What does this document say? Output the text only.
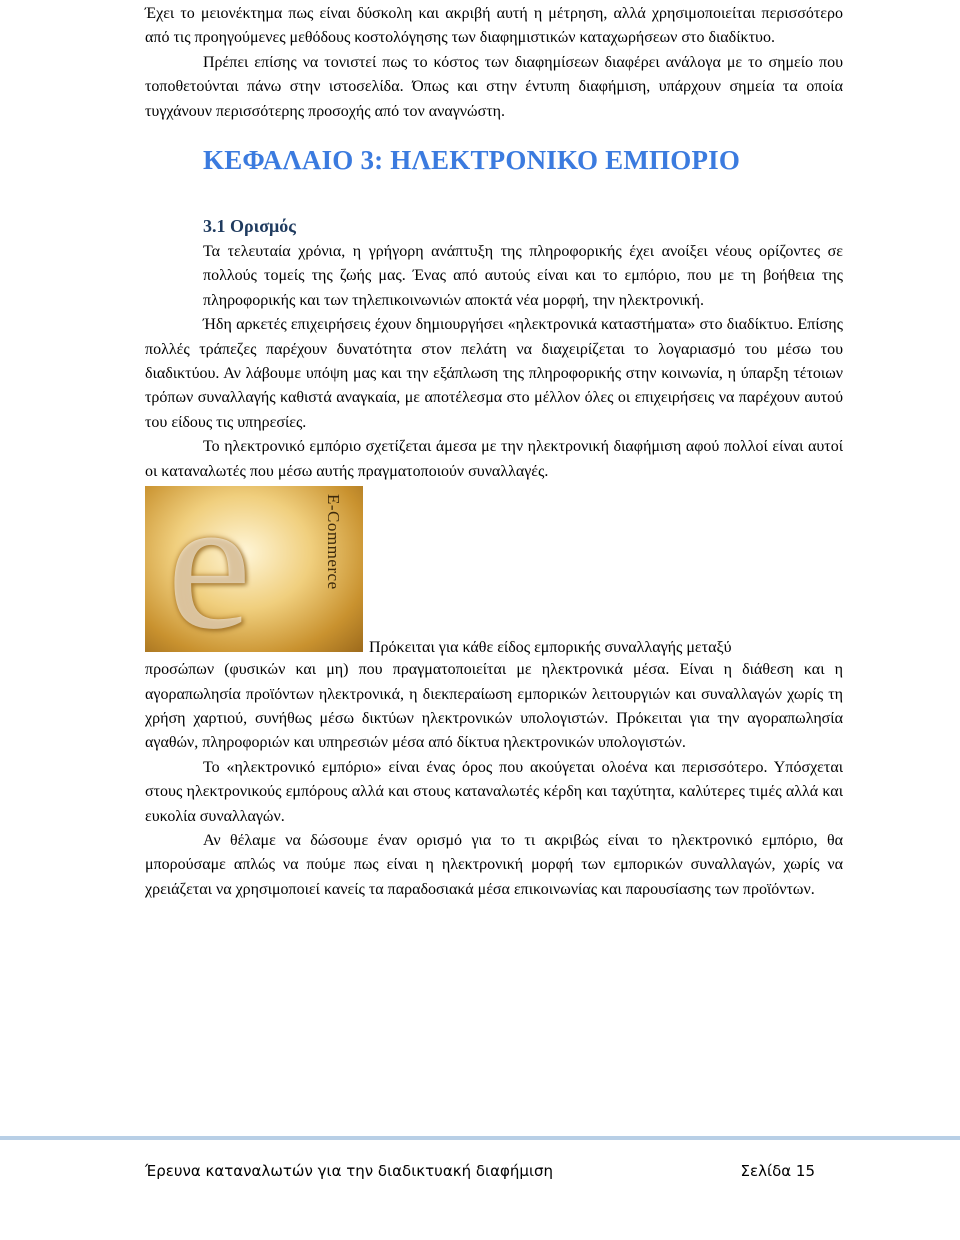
Έχει το μειονέκτημα πως είναι δύσκολη και ακριβή αυτή η μέτρηση, αλλά χρησιμοποιείται περισσότερο από τις προηγούμενες μεθόδους κοστολόγησης των διαφημιστικών καταχωρήσεων στο διαδίκτυο.

Πρέπει επίσης να τονιστεί πως το κόστος των διαφημίσεων διαφέρει ανάλογα με το σημείο που τοποθετούνται πάνω στην ιστοσελίδα. Όπως και στην έντυπη διαφήμιση, υπάρχουν σημεία τα οποία τυγχάνουν περισσότερης προσοχής από τον αναγνώστη.

ΚΕΦΑΛΑΙΟ 3: ΗΛΕΚΤΡΟΝΙΚΟ ΕΜΠΟΡΙΟ
3.1 Ορισμός

Τα τελευταία χρόνια, η γρήγορη ανάπτυξη της πληροφορικής έχει ανοίξει νέους ορίζοντες σε πολλούς τομείς της ζωής μας. Ένας από αυτούς είναι και το εμπόριο, που με τη βοήθεια της πληροφορικής και των τηλεπικοινωνιών αποκτά νέα μορφή, την ηλεκτρονική.

Ήδη αρκετές επιχειρήσεις έχουν δημιουργήσει «ηλεκτρονικά καταστήματα» στο διαδίκτυο. Επίσης πολλές τράπεζες παρέχουν δυνατότητα στον πελάτη να διαχειρίζεται το λογαριασμό του μέσω του διαδικτύου. Αν λάβουμε υπόψη μας και την εξάπλωση της πληροφορικής στην κοινωνία, η ύπαρξη τέτοιων τρόπων συναλλαγής καθιστά αναγκαία, με αποτέλεσμα στο μέλλον όλες οι επιχειρήσεις να παρέχουν αυτού του είδους τις υπηρεσίες.

Το ηλεκτρονικό εμπόριο σχετίζεται άμεσα με την ηλεκτρονική διαφήμιση αφού πολλοί είναι αυτοί οι καταναλωτές που μέσω αυτής πραγματοποιούν συναλλαγές.

e	E-Commerce
Πρόκειται για κάθε είδος εμπορικής συναλλαγής μεταξύ

προσώπων (φυσικών και μη) που πραγματοποιείται με ηλεκτρονικά μέσα. Είναι η διάθεση και η αγοραπωλησία προϊόντων ηλεκτρονικά, η διεκπεραίωση εμπορικών λειτουργιών και συναλλαγών χωρίς τη χρήση χαρτιού, συνήθως μέσω δικτύων ηλεκτρονικών υπολογιστών. Πρόκειται για την αγοραπωλησία αγαθών, πληροφοριών και υπηρεσιών μέσα από δίκτυα ηλεκτρονικών υπολογιστών.

Το «ηλεκτρονικό εμπόριο» είναι ένας όρος που ακούγεται ολοένα και περισσότερο. Υπόσχεται στους ηλεκτρονικούς εμπόρους αλλά και στους καταναλωτές κέρδη και ταχύτητα, καλύτερες τιμές αλλά και ευκολία συναλλαγών.

Αν θέλαμε να δώσουμε έναν ορισμό για το τι ακριβώς είναι το ηλεκτρονικό εμπόριο, θα μπορούσαμε απλώς να πούμε πως είναι η ηλεκτρονική μορφή των εμπορικών συναλλαγών, χωρίς να χρειάζεται να χρησιμοποιεί κανείς τα παραδοσιακά μέσα επικοινωνίας και παρουσίασης των προϊόντων.

Έρευνα καταναλωτών για την διαδικτυακή διαφήμιση	Σελίδα 15
